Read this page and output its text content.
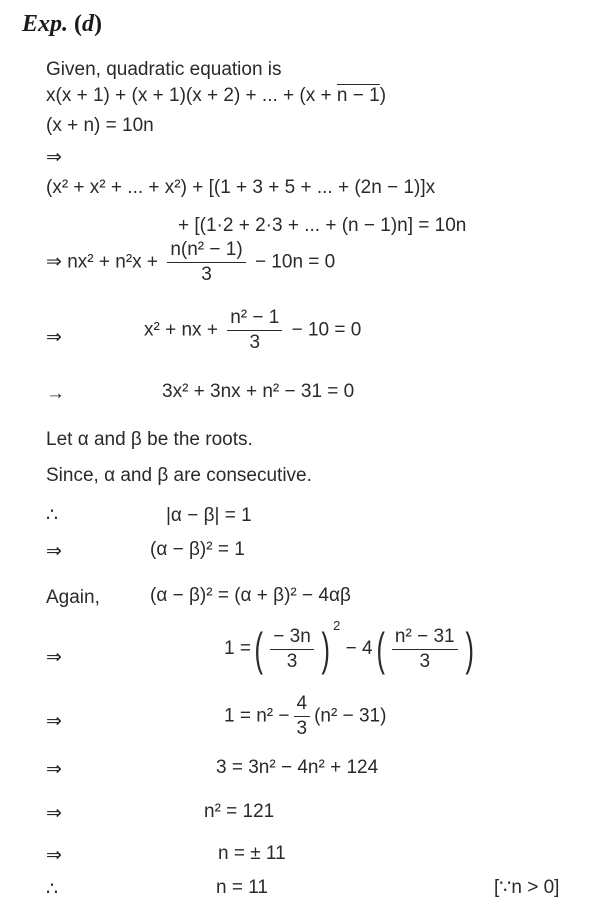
Exp. (d)
Given, quadratic equation is
x(x + 1) + (x + 1)(x + 2) + ... + (x + n − 1)
(x + n) = 10n
⇒
(x² + x² + ... + x²) + [(1 + 3 + 5 + ... + (2n − 1)]x
+ [(1·2 + 2·3 + ... + (n − 1)n] = 10n
⇒ $nx^2 + n^2x + \frac{\text{n(n² − 1)}}{3} - 10n = 0$
⇒	x² + nx + $\frac{\text{n² − 1}}{3} - 10 = 0$
→	3x² + 3nx + n² − 31 = 0
Let α and β be the roots.
Since, α and β are consecutive.
∴	|α − β| = 1
⇒	(α − β)² = 1
Again,	(α − β)² = (α + β)² − 4αβ
⇒	1 =( $\frac{- 3n}{3}$ ) $^2 - 4( \frac{\text{n² − 31}}{3}$ )
⇒	$1 = n^2 - \frac{4}{3} (n^2 - 31)$
⇒	3 = 3n² − 4n² + 124
⇒	n² = 121
⇒	n = ± 11
∴	n = 11	[∵n > 0]
